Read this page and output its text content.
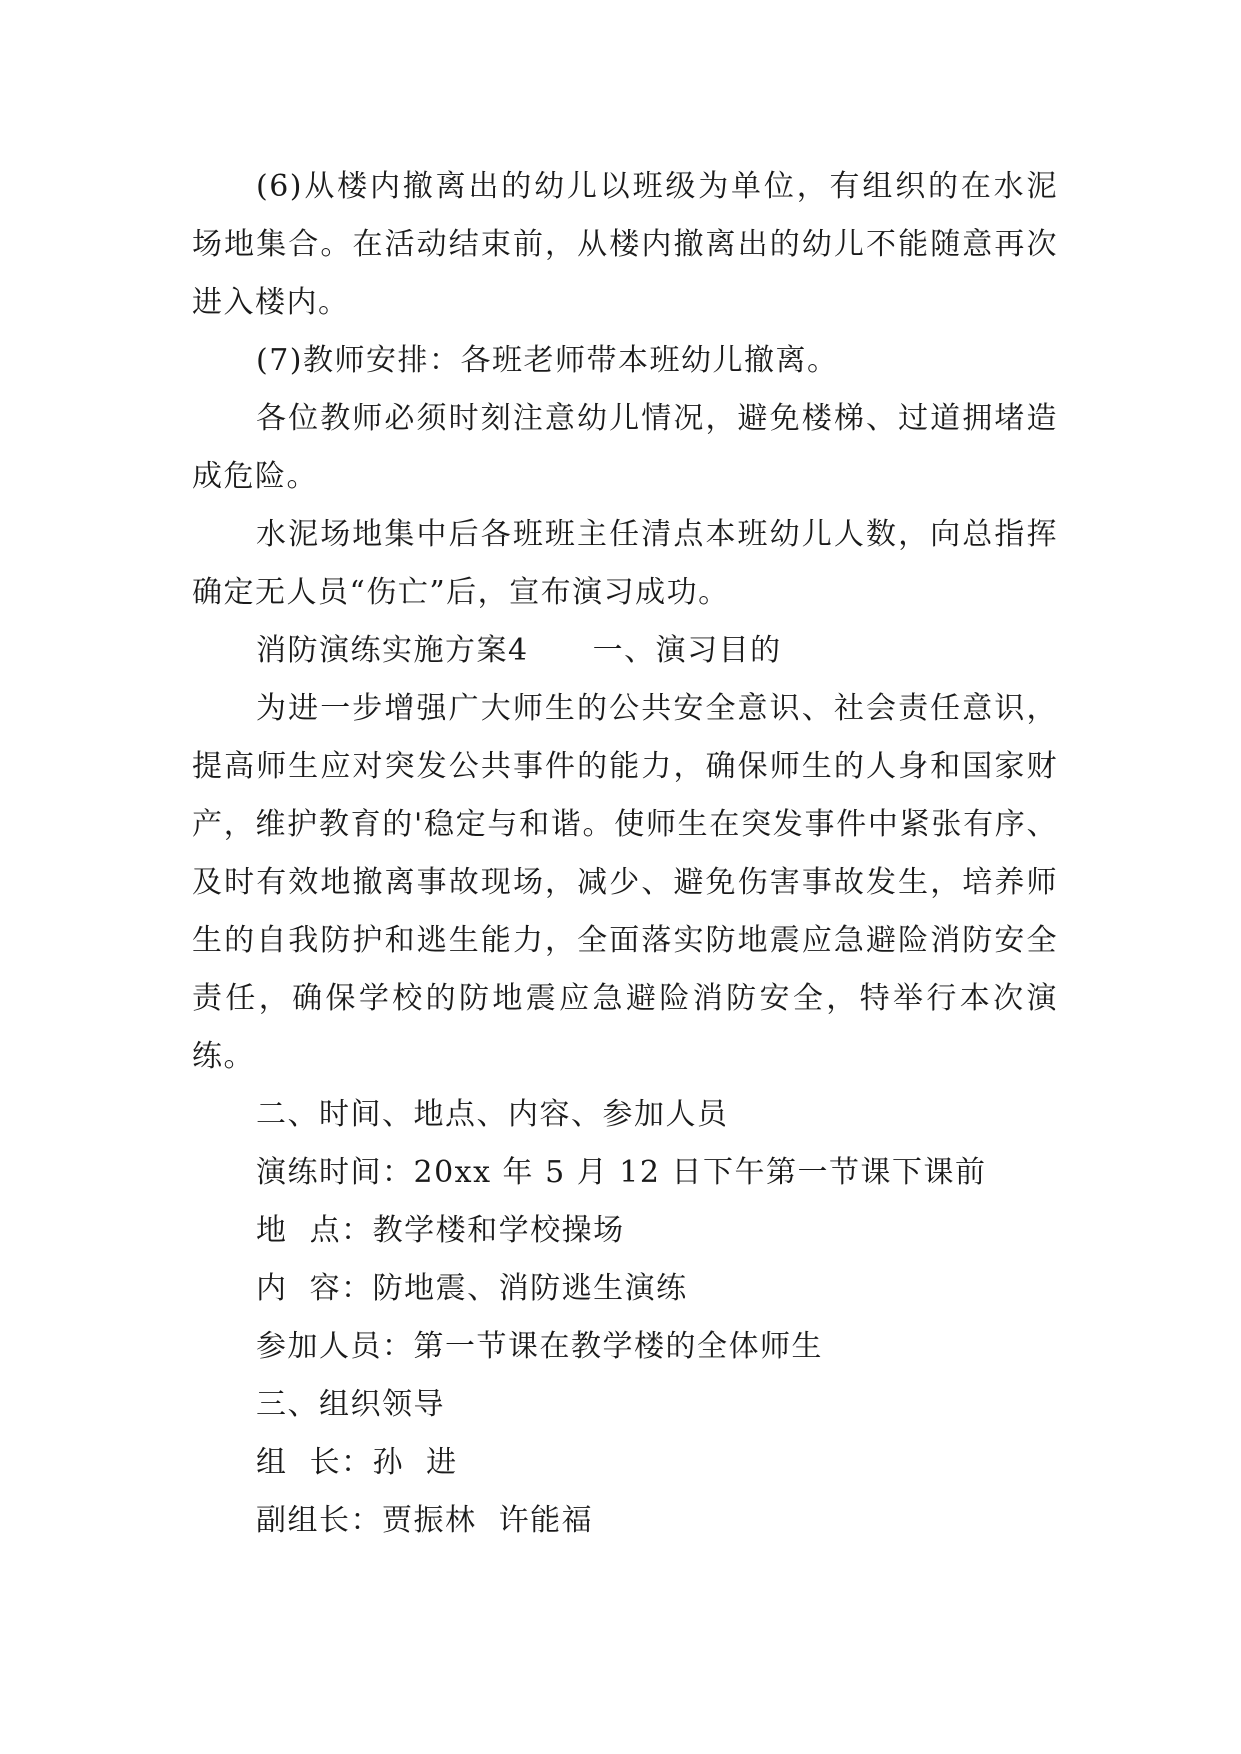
(6)从楼内撤离出的幼儿以班级为单位，有组织的在水泥场地集合。在活动结束前，从楼内撤离出的幼儿不能随意再次进入楼内。

(7)教师安排：各班老师带本班幼儿撤离。

各位教师必须时刻注意幼儿情况，避免楼梯、过道拥堵造成危险。

水泥场地集中后各班班主任清点本班幼儿人数，向总指挥确定无人员“伤亡”后，宣布演习成功。

消防演练实施方案4 一、演习目的

为进一步增强广大师生的公共安全意识、社会责任意识，提高师生应对突发公共事件的能力，确保师生的人身和国家财产，维护教育的'稳定与和谐。使师生在突发事件中紧张有序、及时有效地撤离事故现场，减少、避免伤害事故发生，培养师生的自我防护和逃生能力，全面落实防地震应急避险消防安全责任，确保学校的防地震应急避险消防安全，特举行本次演练。

二、时间、地点、内容、参加人员

演练时间：20xx 年 5 月 12 日下午第一节课下课前

地  点：教学楼和学校操场

内  容：防地震、消防逃生演练

参加人员：第一节课在教学楼的全体师生

三、组织领导

组  长：孙  进

副组长：贾振林  许能福
